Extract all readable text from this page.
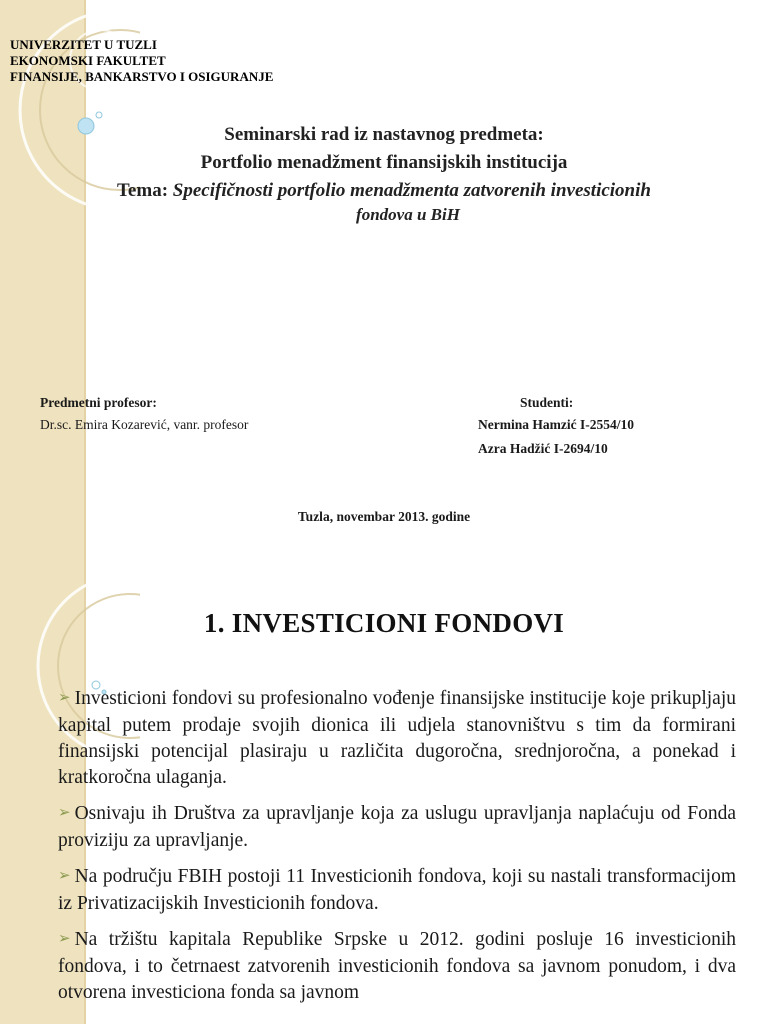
UNIVERZITET U TUZLI
EKONOMSKI FAKULTET
FINANSIJE, BANKARSTVO I OSIGURANJE
Seminarski rad iz nastavnog predmeta:
Portfolio menadžment finansijskih institucija
Tema: Specifičnosti portfolio menadžmenta zatvorenih investicionih
fondova u BiH
Predmetni profesor:
Dr.sc. Emira Kozarević, vanr. profesor
Studenti:
Nermina Hamzić I-2554/10
Azra Hadžić I-2694/10
Tuzla, novembar 2013. godine
1. INVESTICIONI FONDOVI
➢ Investicioni fondovi su profesionalno vođenje finansijske institucije koje prikupljaju kapital putem prodaje svojih dionica ili udjela stanovništvu s tim da formirani finansijski potencijal plasiraju u različita dugoročna, srednjoročna, a ponekad i kratkoročna ulaganja.
➢ Osnivaju ih Društva za upravljanje koja za uslugu upravljanja naplaćuju od Fonda proviziju za upravljanje.
➢ Na području FBIH postoji 11 Investicionih fondova, koji su nastali transformacijom iz Privatizacijskih Investicionih fondova.
➢ Na tržištu kapitala Republike Srpske u 2012. godini posluje 16 investicionih fondova, i to četrnaest zatvorenih investicionih fondova sa javnom ponudom, i dva otvorena investiciona fonda sa javnom
